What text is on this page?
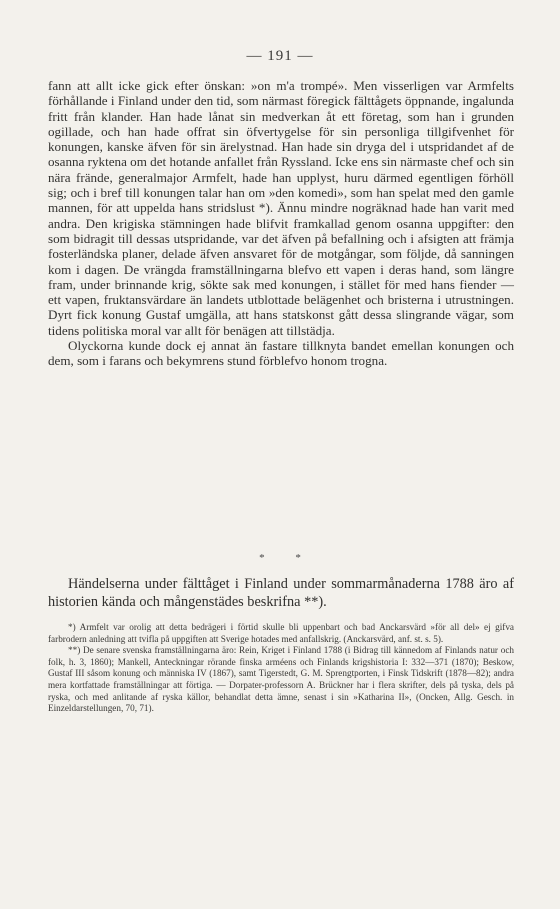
— 191 —

fann att allt icke gick efter önskan: »on m'a trompé». Men visserligen var Armfelts förhållande i Finland under den tid, som närmast föregick fälttågets öppnande, ingalunda fritt från klander. Han hade lånat sin medverkan åt ett företag, som han i grunden ogillade, och han hade offrat sin öfvertygelse för sin personliga tillgifvenhet för konungen, kanske äfven för sin ärelystnad. Han hade sin dryga del i utspridandet af de osanna ryktena om det hotande anfallet från Ryssland. Icke ens sin närmaste chef och sin nära frände, generalmajor Armfelt, hade han upplyst, huru därmed egentligen förhöll sig; och i bref till konungen talar han om »den komedi», som han spelat med den gamle mannen, för att uppelda hans stridslust *). Ännu mindre nogräknad hade han varit med andra. Den krigiska stämningen hade blifvit framkallad genom osanna uppgifter: den som bidragit till dessas utspridande, var det äfven på befallning och i afsigten att främja fosterländska planer, delade äfven ansvaret för de motgångar, som följde, då sanningen kom i dagen. De vrängda framställningarna blefvo ett vapen i deras hand, som längre fram, under brinnande krig, sökte sak med konungen, i stället för med hans fiender — ett vapen, fruktansvärdare än landets utblottade belägenhet och bristerna i utrustningen. Dyrt fick konung Gustaf umgälla, att hans statskonst gått dessa slingrande vägar, som tidens politiska moral var allt för benägen att tillstädja.

Olyckorna kunde dock ej annat än fastare tillknyta bandet emellan konungen och dem, som i farans och bekymrens stund förblefvo honom trogna.

* *
Händelserna under fälttåget i Finland under sommarmånaderna 1788 äro af historien kända och mångenstädes beskrifna **).

*) Armfelt var orolig att detta bedrägeri i förtid skulle bli uppenbart och bad Anckarsvärd »för all del» ej gifva farbrodern anledning att tvifla på uppgiften att Sverige hotades med anfallskrig. (Anckarsvärd, anf. st. s. 5).

**) De senare svenska framställningarna äro: Rein, Kriget i Finland 1788 (i Bidrag till kännedom af Finlands natur och folk, h. 3, 1860); Mankell, Anteckningar rörande finska arméens och Finlands krigshistoria I: 332—371 (1870); Beskow, Gustaf III såsom konung och människa IV (1867), samt Tigerstedt, G. M. Sprengtporten, i Finsk Tidskrift (1878—82); andra mera kortfattade framställningar att förtiga. — Dorpater-professorn A. Brückner har i flera skrifter, dels på tyska, dels på ryska, och med anlitande af ryska källor, behandlat detta ämne, senast i sin »Katharina II», (Oncken, Allg. Gesch. in Einzeldarstellungen, 70, 71).
